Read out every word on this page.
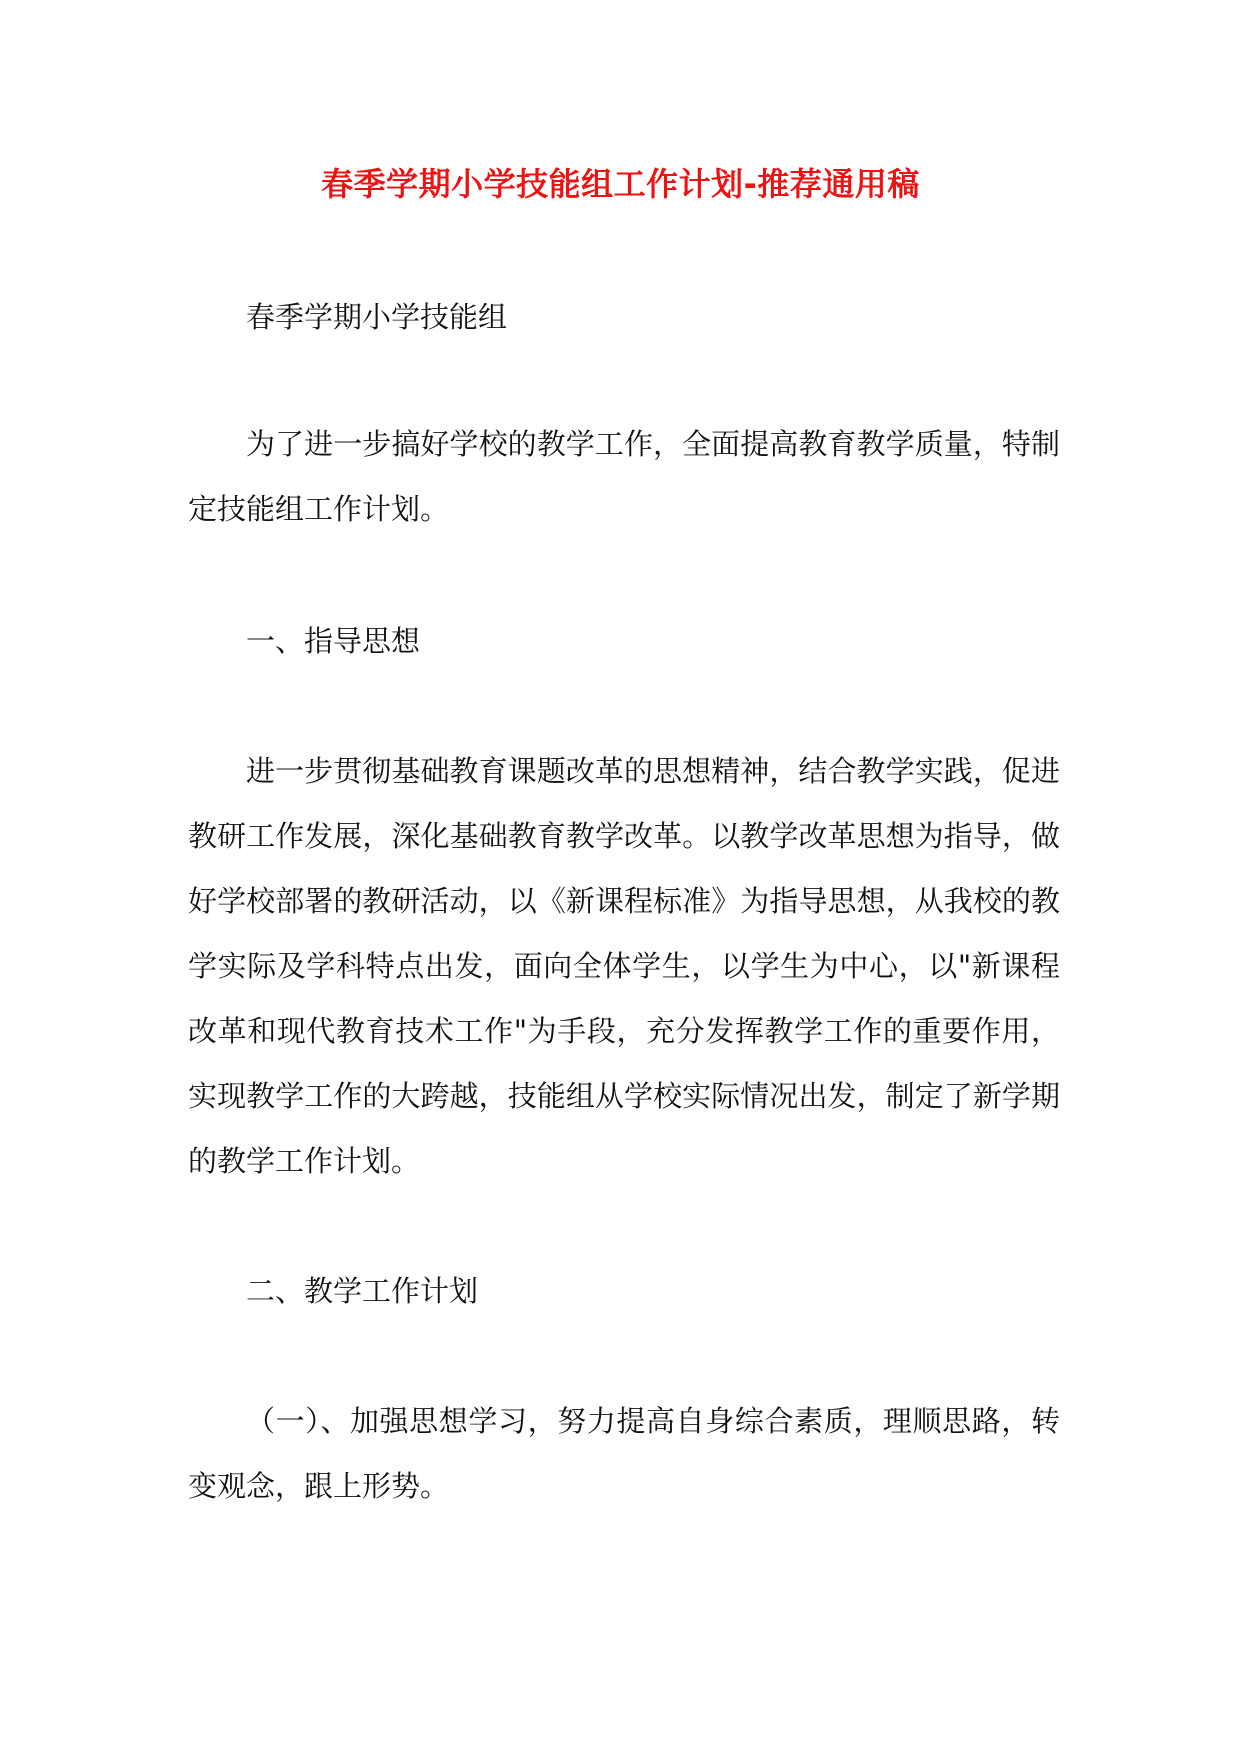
春季学期小学技能组工作计划-推荐通用稿
春季学期小学技能组
为了进一步搞好学校的教学工作，全面提高教育教学质量，特制定技能组工作计划。
一、指导思想
进一步贯彻基础教育课题改革的思想精神，结合教学实践，促进教研工作发展，深化基础教育教学改革。以教学改革思想为指导，做好学校部署的教研活动，以《新课程标准》为指导思想，从我校的教学实际及学科特点出发，面向全体学生，以学生为中心，以"新课程改革和现代教育技术工作"为手段，充分发挥教学工作的重要作用，实现教学工作的大跨越，技能组从学校实际情况出发，制定了新学期的教学工作计划。
二、教学工作计划
（一）、加强思想学习，努力提高自身综合素质，理顺思路，转变观念，跟上形势。
